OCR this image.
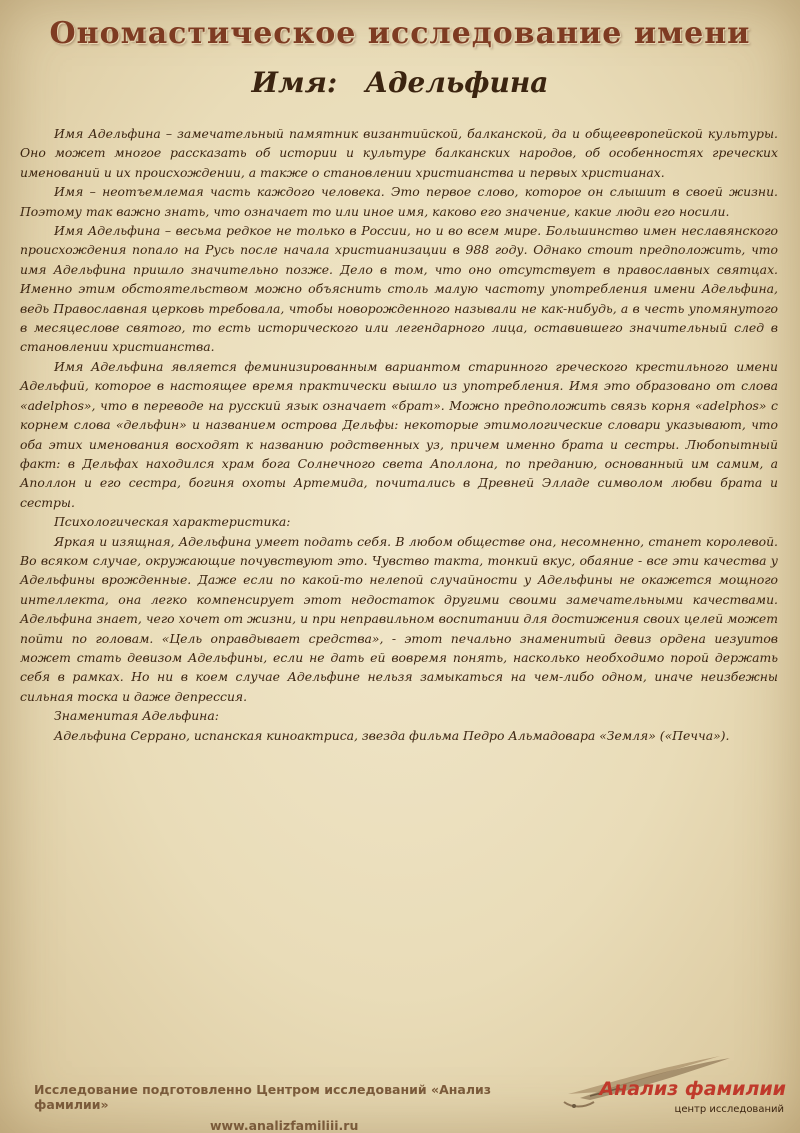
Ономастическое исследование имени
Имя: Адельфина

Имя Адельфина – замечательный памятник византийской, балканской, да и общеевропейской культуры. Оно может многое рассказать об истории и культуре балканских народов, об особенностях греческих именований и их происхождении, а также о становлении христианства и первых христианах.

Имя – неотъемлемая часть каждого человека. Это первое слово, которое он слышит в своей жизни. Поэтому так важно знать, что означает то или иное имя, каково его значение, какие люди его носили.

Имя Адельфина – весьма редкое не только в России, но и во всем мире. Большинство имен неславянского происхождения попало на Русь после начала христианизации в 988 году. Однако стоит предположить, что имя Адельфина пришло значительно позже. Дело в том, что оно отсутствует в православных святцах. Именно этим обстоятельством можно объяснить столь малую частоту употребления имени Адельфина, ведь Православная церковь требовала, чтобы новорожденного называли не как-нибудь, а в честь упомянутого в месяцеслове святого, то есть исторического или легендарного лица, оставившего значительный след в становлении христианства.

Имя Адельфина является феминизированным вариантом старинного греческого крестильного имени Адельфий, которое в настоящее время практически вышло из употребления. Имя это образовано от слова «adelphos», что в переводе на русский язык означает «брат». Можно предположить связь корня «adelphos» с корнем слова «дельфин» и названием острова Дельфы: некоторые этимологические словари указывают, что оба этих именования восходят к названию родственных уз, причем именно брата и сестры. Любопытный факт: в Дельфах находился храм бога Солнечного света Аполлона, по преданию, основанный им самим, а Аполлон и его сестра, богиня охоты Артемида, почитались в Древней Элладе символом любви брата и сестры.

Психологическая характеристика:

Яркая и изящная, Адельфина умеет подать себя. В любом обществе она, несомненно, станет королевой. Во всяком случае, окружающие почувствуют это. Чувство такта, тонкий вкус, обаяние - все эти качества у Адельфины врожденные. Даже если по какой-то нелепой случайности у Адельфины не окажется мощного интеллекта, она легко компенсирует этот недостаток другими своими замечательными качествами. Адельфина знает, чего хочет от жизни, и при неправильном воспитании для достижения своих целей может пойти по головам. «Цель оправдывает средства», - этот печально знаменитый девиз ордена иезуитов может стать девизом Адельфины, если не дать ей вовремя понять, насколько необходимо порой держать себя в рамках. Но ни в коем случае Адельфине нельзя замыкаться на чем-либо одном, иначе неизбежны сильная тоска и даже депрессия.

Знаменитая Адельфина:

Адельфина Серрано, испанская киноактриса, звезда фильма Педро Альмадовара «Земля» («Печча»).

Исследование подготовленно Центром исследований «Анализ фамилии»
www.analizfamiliii.ru
Анализ фамилии
центр исследований
